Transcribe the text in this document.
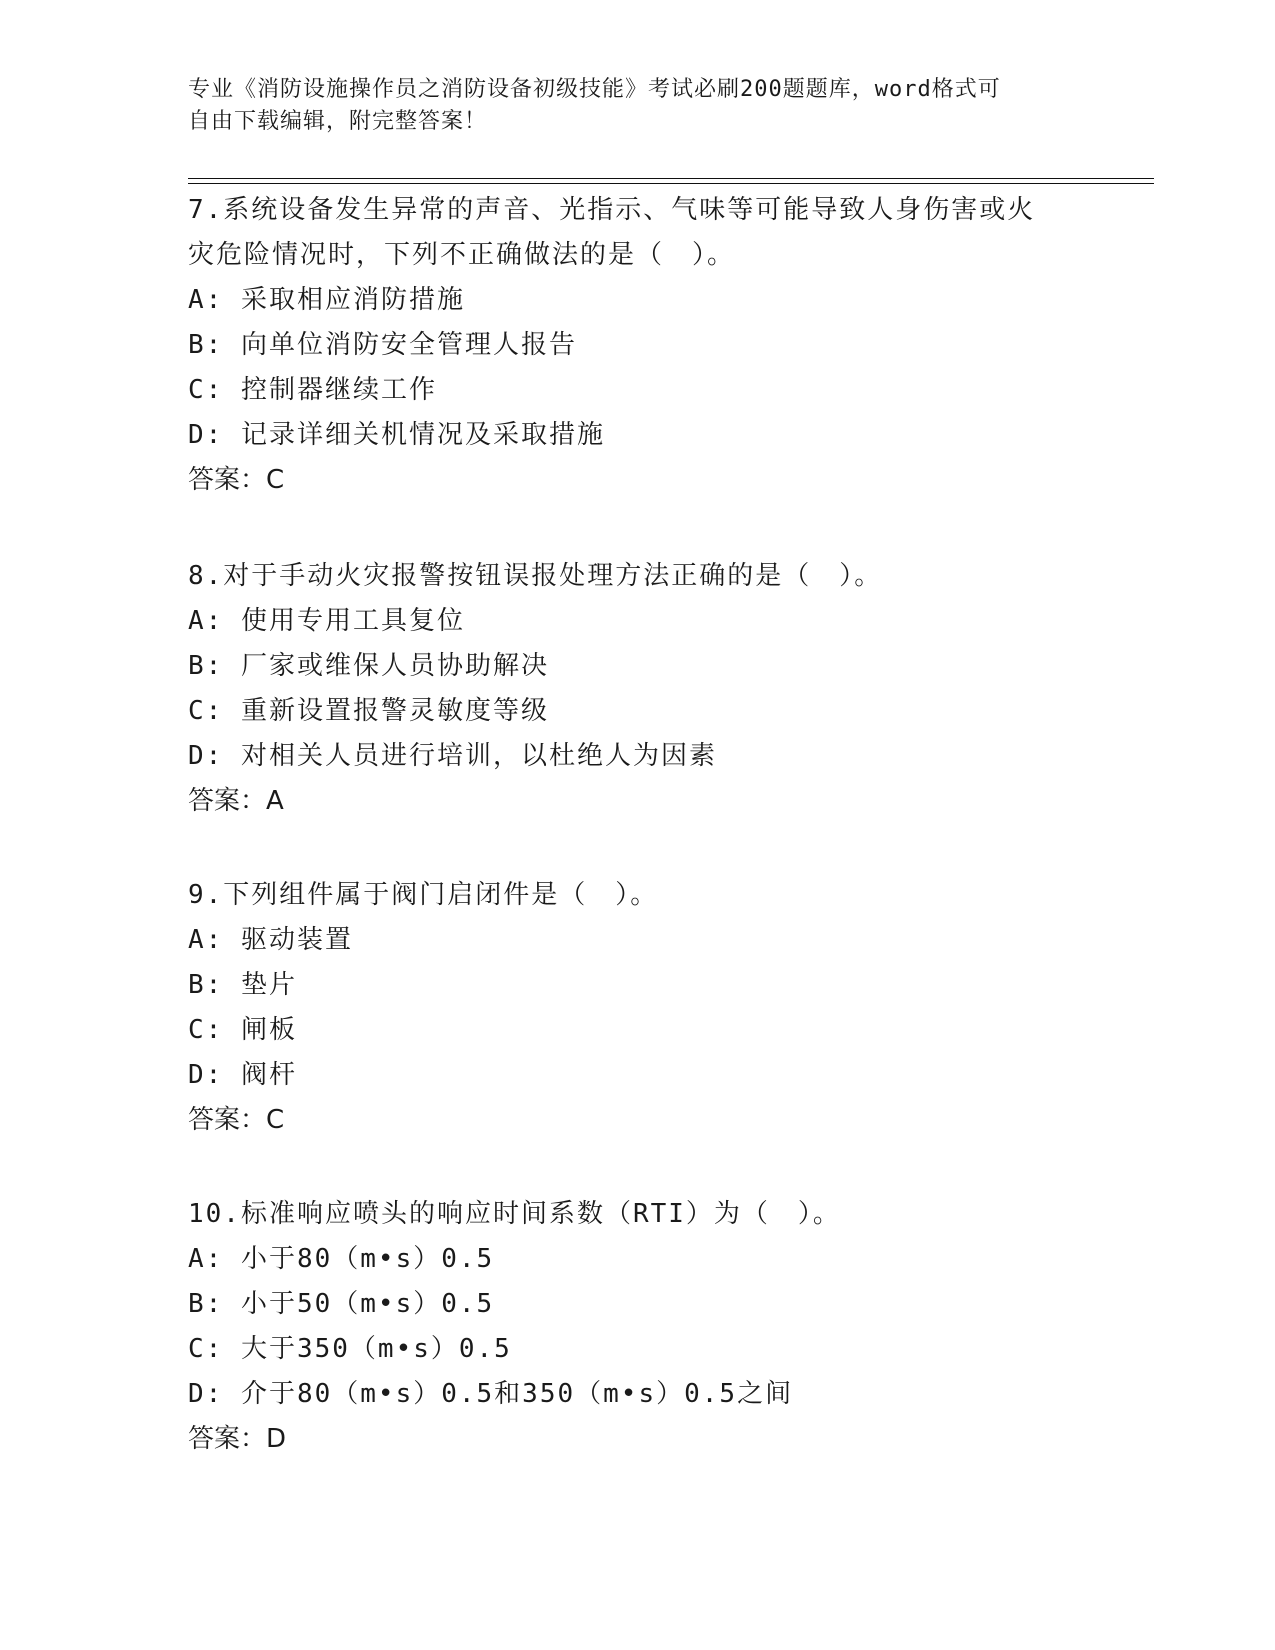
专业《消防设施操作员之消防设备初级技能》考试必刷200题题库，word格式可

自由下载编辑，附完整答案！

7.系统设备发生异常的声音、光指示、气味等可能导致人身伤害或火

灾危险情况时，下列不正确做法的是（　）。

A: 采取相应消防措施

B: 向单位消防安全管理人报告

C: 控制器继续工作

D: 记录详细关机情况及采取措施

答案：C

8.对于手动火灾报警按钮误报处理方法正确的是（　）。

A: 使用专用工具复位

B: 厂家或维保人员协助解决

C: 重新设置报警灵敏度等级

D: 对相关人员进行培训，以杜绝人为因素

答案：A

9.下列组件属于阀门启闭件是（　）。

A: 驱动装置

B: 垫片

C: 闸板

D: 阀杆

答案：C

10.标准响应喷头的响应时间系数（RTI）为（　）。

A: 小于80（m•s）0.5

B: 小于50（m•s）0.5

C: 大于350（m•s）0.5

D: 介于80（m•s）0.5和350（m•s）0.5之间

答案：D
